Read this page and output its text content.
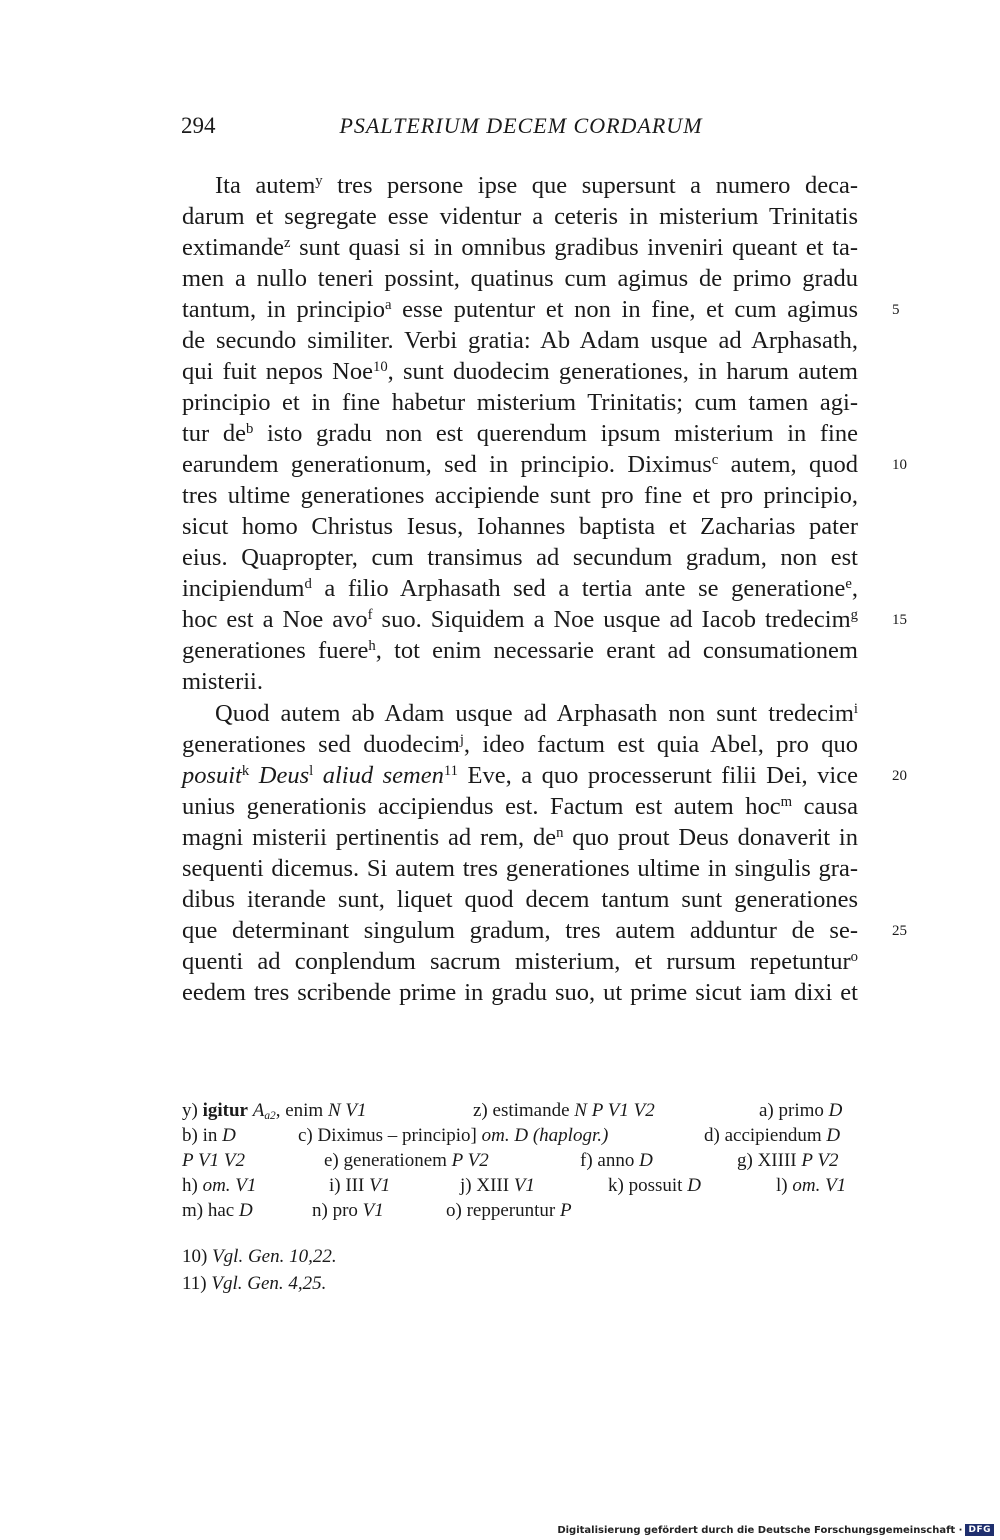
294	PSALTERIUM DECEM CORDARUM
Ita autem$^y$ tres persone ipse que supersunt a numero deca-
darum et segregate esse videntur a ceteris in misterium Trinitatis
extimande$^z$ sunt quasi si in omnibus gradibus inveniri queant et ta-
men a nullo teneri possint, quatinus cum agimus de primo gradu
tantum, in principio$^a$ esse putentur et non in fine, et cum agimus
de secundo similiter. Verbi gratia: Ab Adam usque ad Arphasath,
qui fuit nepos Noe$^{10}$, sunt duodecim generationes, in harum autem
principio et in fine habetur misterium Trinitatis; cum tamen agi-
tur $de^b$ isto gradu non est querendum ipsum misterium in fine
earundem generationum, sed in principio. Diximus$^c$ autem, quod
tres ultime generationes accipiende sunt pro fine et pro principio,
sicut homo Christus Iesus, Iohannes baptista et Zacharias pater
eius. Quapropter, cum transimus ad secundum gradum, non est
incipiendum$^d$ a filio Arphasath sed a tertia ante se generatione$^e$,
hoc est a Noe avo$^f$ suo. Siquidem a Noe usque ad Iacob tredecim$^g$
generationes fuere$^h$, tot enim necessarie erant ad consumationem
misterii.
Quod autem ab Adam usque ad Arphasath non sunt tredecim$^i$
generationes sed duodecim$^j$, ideo factum est quia Abel, pro quo
posuit$^k$ Deus$^l$ aliud semen$^{11}$ Eve, a quo processerunt filii Dei, vice
unius generationis accipiendus est. Factum est autem hoc$^m$ causa
magni misterii pertinentis ad rem, $de^n$ quo prout Deus donaverit in
sequenti dicemus. Si autem tres generationes ultime in singulis gra-
dibus iterande sunt, liquet quod decem tantum sunt generationes
que determinant singulum gradum, tres autem adduntur de se-
quenti ad conplendum sacrum misterium, et rursum repetuntur$^o$
eedem tres scribende prime in gradu suo, ut prime sicut iam dixi et
5
10
15
20
25
y) igitur $A_{a2}$, enim N V1	z) estimande N P V1 V2	a) primo D
b) in D	c) Diximus – principio] om. D (haplogr.)	d) accipiendum D
P V1 V2	e) generationem P V2	f) anno D	g) XIIII P V2
h) om. V1	i) III V1	j) XIII V1	k) possuit D	l) om. V1
m) hac D	n) pro V1	o) repperuntur P
10) Vgl. Gen. 10,22.
11) Vgl. Gen. 4,25.
Digitalisierung gefördert durch die Deutsche Forschungsgemeinschaft · DFG
